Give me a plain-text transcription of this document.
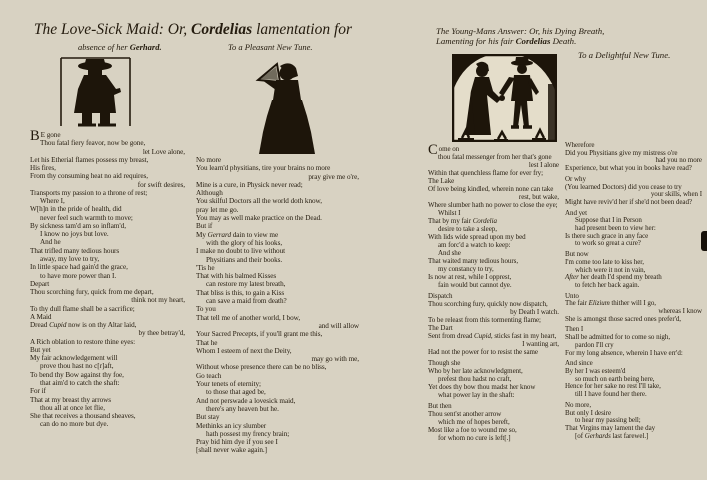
The Love-Sick Maid: Or, Cordelias lamentation for
absence of her Gerhard.	To a Pleasant New Tune.
BE gone
Thou fatal fiery feavor, now be gone,
let Love alone,
Let his Etherial flames possess my breast,
His fires,
From thy consuming heat no aid requires,
for swift desires,
Transports my passion to a throne of rest;
Where I,
W[h]n in the pride of health, did
never feel such warmth to move;
By sickness tam'd am so inflam'd,
I know no joys but love.
And he
That trifled many tedious hours
away, my love to try,
In little space had gain'd the grace,
to have more power than I.
Depart
Thou scorching fury, quick from me depart,
think not my heart,
To thy dull flame shall be a sacrifice;
A Maid
Dread Cupid now is on thy Altar laid,
by thee betray'd,
A Rich oblation to restore thine eyes:
But yet
My fair acknowledgement will
prove thou hast no c[r]aft,
To bend thy Bow against thy foe,
that aim'd to catch the shaft:
For if
That at my breast thy arrows
thou all at once let flie,
She that receives a thousand sheaves,
can do no more but dye.
No more
You learn'd physitians, tire your brains no more
pray give me o're,
Mine is a cure, in Physick never read;
Although
You skilful Doctors all the world doth know,
pray let me go.
You may as well make practice on the Dead.
But if
My Gerrard dain to view me
with the glory of his looks,
I make no doubt to live without
Physitians and their books.
'Tis he
That with his balmed Kisses
can restore my latest breath,
That bliss is this, to gain a Kiss
can save a maid from death?
To you
That tell me of another world, I bow,
and will allow
Your Sacred Precepts, if you'll grant me this,
That he
Whom I esteem of next the Deity,
may go with me,
Without whose presence there can be no bliss,
Go teach
Your tenets of eternity;
to those that aged be,
And not perswade a lovesick maid,
there's any heaven but he.
But stay
Methinks an icy slumber
hath possest my frency brain;
Pray bid him dye if you see I
[shall never wake again.]
The Young-Mans Answer: Or, his Dying Breath,
Lamenting for his fair Cordelias Death.
To a Delightful New Tune.
Come on
thou fatal messenger from her that's gone
lest I alone
Within that quenchless flame for ever fry;
The Lake
Of love being kindled, wherein none can take
rest, but wake,
Where slumber hath no power to close the eye;
Whilst I
That by my fair Cordelia
desire to take a sleep,
With lids wide spread upon my bed
am forc'd a watch to keep:
And she
That waited many tedious hours,
my constancy to try,
Is now at rest, while I opprest,
fain would but cannot dye.
Dispatch
Thou scorching fury, quickly now dispatch,
by Death I watch.
To be releast from this tormenting flame;
The Dart
Sent from dread Cupid, sticks fast in my heart,
I wanting art,
Had not the power for to resist the same
Though she
Who by her late acknowledgment,
prefest thou hadst no craft,
Yet does thy bow thou madst her know
what power lay in the shaft:
But then
Thou sent'st another arrow
which me of hopes bereft,
Most like a foe to wound me so,
for whom no cure is left[.]
Wherefore
Did you Physitians give my mistress o're
had you no more
Experience, but what you in books have read?
Or why
(You learned Doctors) did you cease to try
your skills, when I
Might have reviv'd her if she'd not been dead?
And yet
Suppose that I in Person
had present been to view her:
Is there such grace in any face
to work so great a cure?
But now
I'm come too late to kiss her,
which were it not in vain,
After her death I'd spend my breath
to fetch her back again.
Unto
The fair Elizium thither will I go,
whereas I know
She is amongst those sacred ones prefer'd,
Then I
Shall be admitted for to come so nigh,
pardon I'll cry
For my long absence, wherein I have err'd:
And since
By her I was esteem'd
so much on earth being here,
Hence for her sake no rest I'll take,
till I have found her there.
No more,
But only I desire
to hear my passing bell;
That Virgins may lament the day
[of Gerhards last farewel.]
